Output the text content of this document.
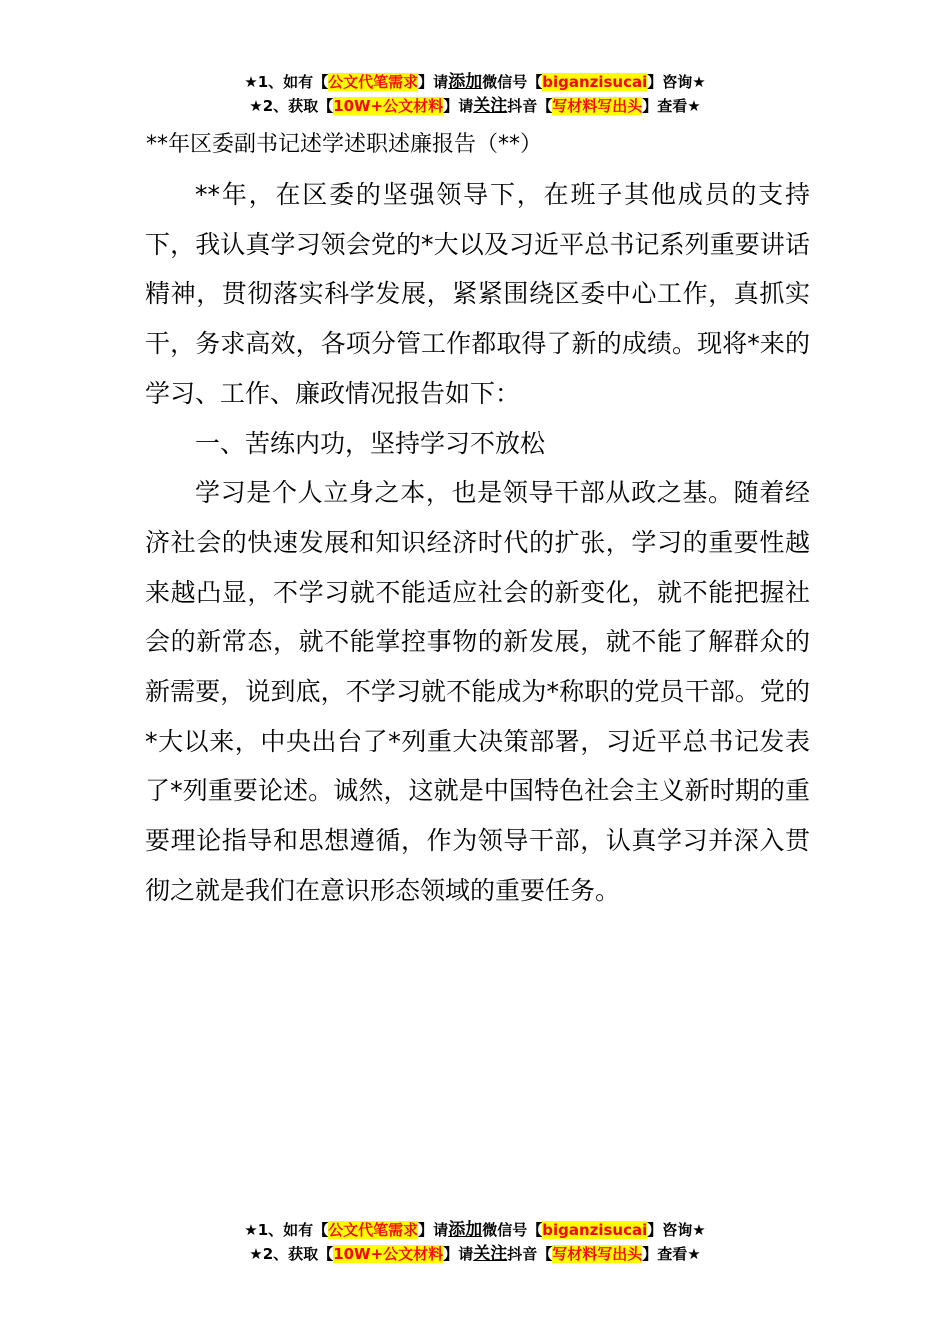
★1、如有【公文代笔需求】请添加微信号【biganzisucai】咨询★
★2、获取【10W+公文材料】请关注抖音【写材料写出头】查看★
**年区委副书记述学述职述廉报告（**）

**年，在区委的坚强领导下，在班子其他成员的支持下，我认真学习领会党的*大以及习近平总书记系列重要讲话精神，贯彻落实科学发展，紧紧围绕区委中心工作，真抓实干，务求高效，各项分管工作都取得了新的成绩。现将*来的学习、工作、廉政情况报告如下：

一、苦练内功，坚持学习不放松

学习是个人立身之本，也是领导干部从政之基。随着经济社会的快速发展和知识经济时代的扩张，学习的重要性越来越凸显，不学习就不能适应社会的新变化，就不能把握社会的新常态，就不能掌控事物的新发展，就不能了解群众的新需要，说到底，不学习就不能成为*称职的党员干部。党的*大以来，中央出台了*列重大决策部署，习近平总书记发表了*列重要论述。诚然，这就是中国特色社会主义新时期的重要理论指导和思想遵循，作为领导干部，认真学习并深入贯彻之就是我们在意识形态领域的重要任务。

★1、如有【公文代笔需求】请添加微信号【biganzisucai】咨询★
★2、获取【10W+公文材料】请关注抖音【写材料写出头】查看★
